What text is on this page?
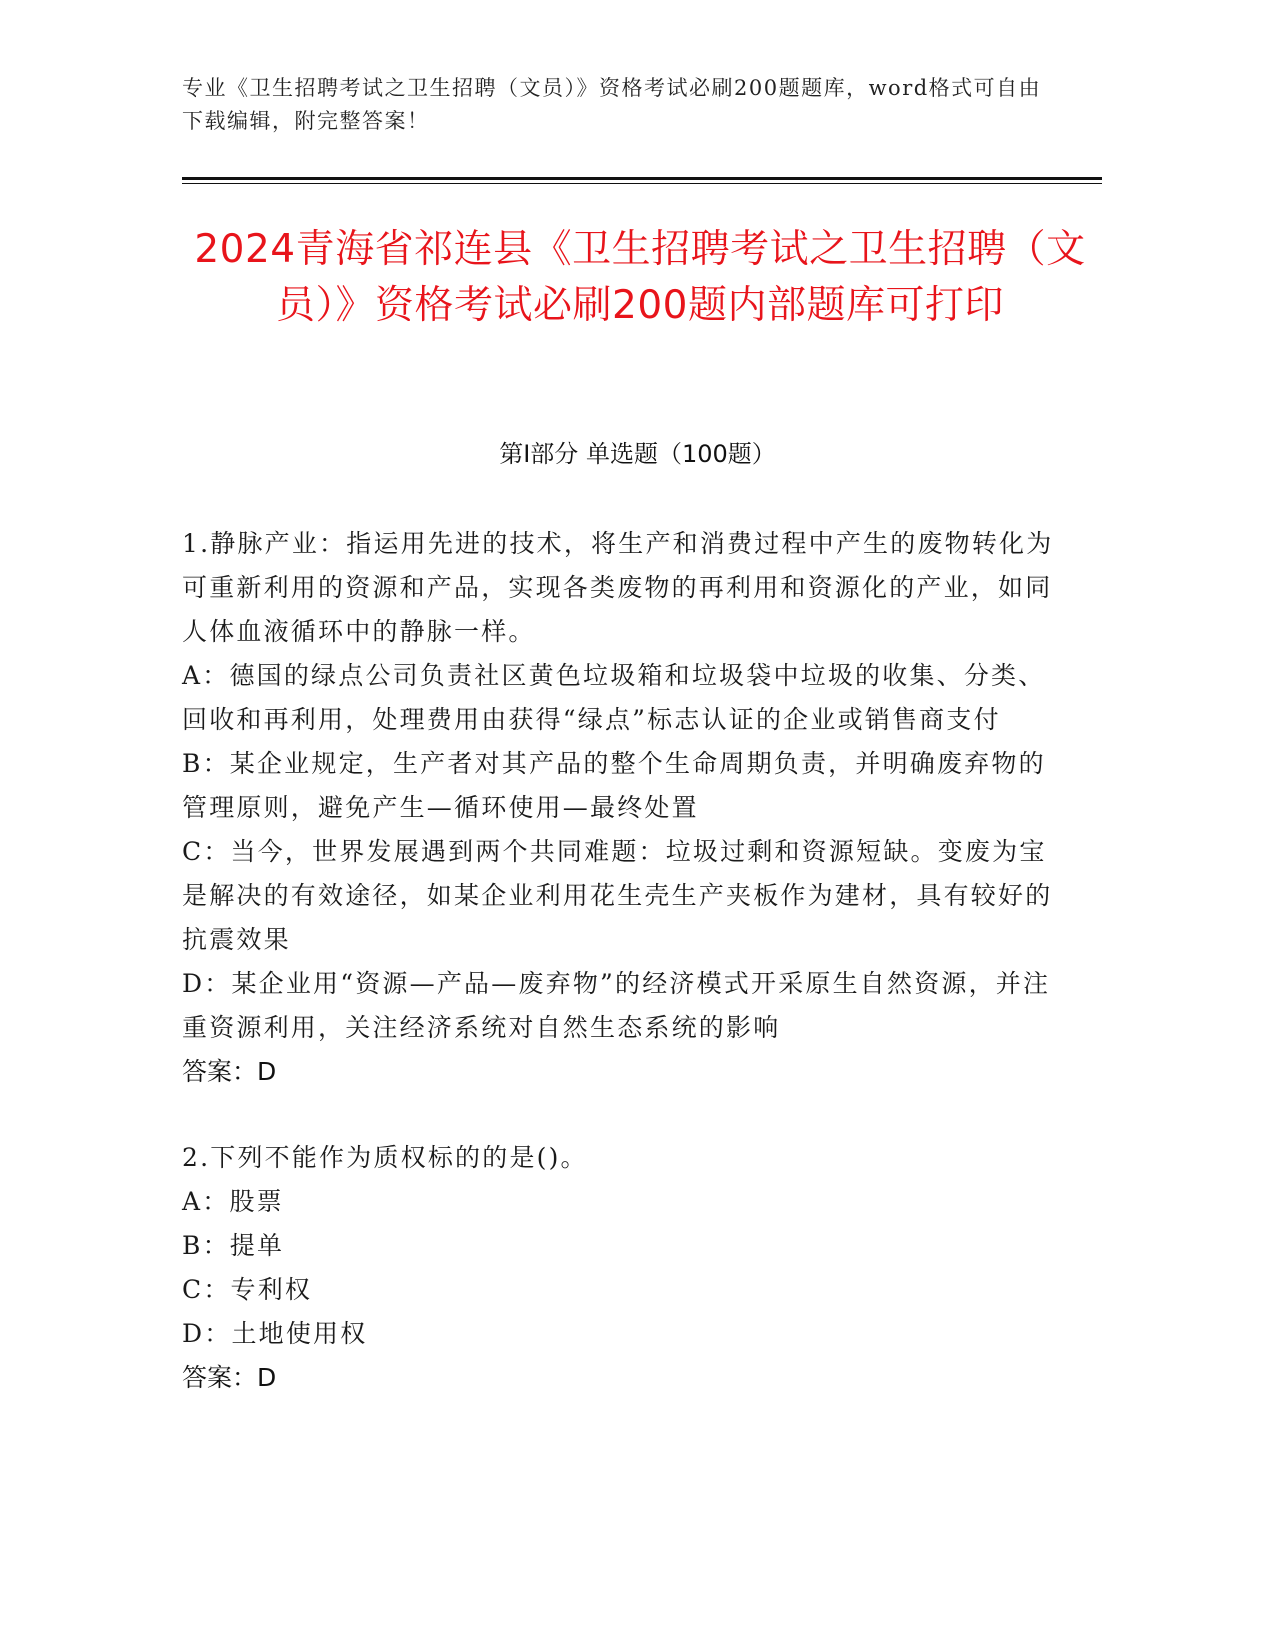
专业《卫生招聘考试之卫生招聘（文员）》资格考试必刷200题题库，word格式可自由下载编辑，附完整答案！
2024青海省祁连县《卫生招聘考试之卫生招聘（文员）》资格考试必刷200题内部题库可打印
第Ⅰ部分 单选题（100题）
1.静脉产业：指运用先进的技术，将生产和消费过程中产生的废物转化为可重新利用的资源和产品，实现各类废物的再利用和资源化的产业，如同人体血液循环中的静脉一样。
A：德国的绿点公司负责社区黄色垃圾箱和垃圾袋中垃圾的收集、分类、回收和再利用，处理费用由获得“绿点”标志认证的企业或销售商支付
B：某企业规定，生产者对其产品的整个生命周期负责，并明确废弃物的管理原则，避免产生—循环使用—最终处置
C：当今，世界发展遇到两个共同难题：垃圾过剩和资源短缺。变废为宝是解决的有效途径，如某企业利用花生壳生产夹板作为建材，具有较好的抗震效果
D：某企业用“资源—产品—废弃物”的经济模式开采原生自然资源，并注重资源利用，关注经济系统对自然生态系统的影响
答案：D
2.下列不能作为质权标的的是()。
A：股票
B：提单
C：专利权
D：土地使用权
答案：D
